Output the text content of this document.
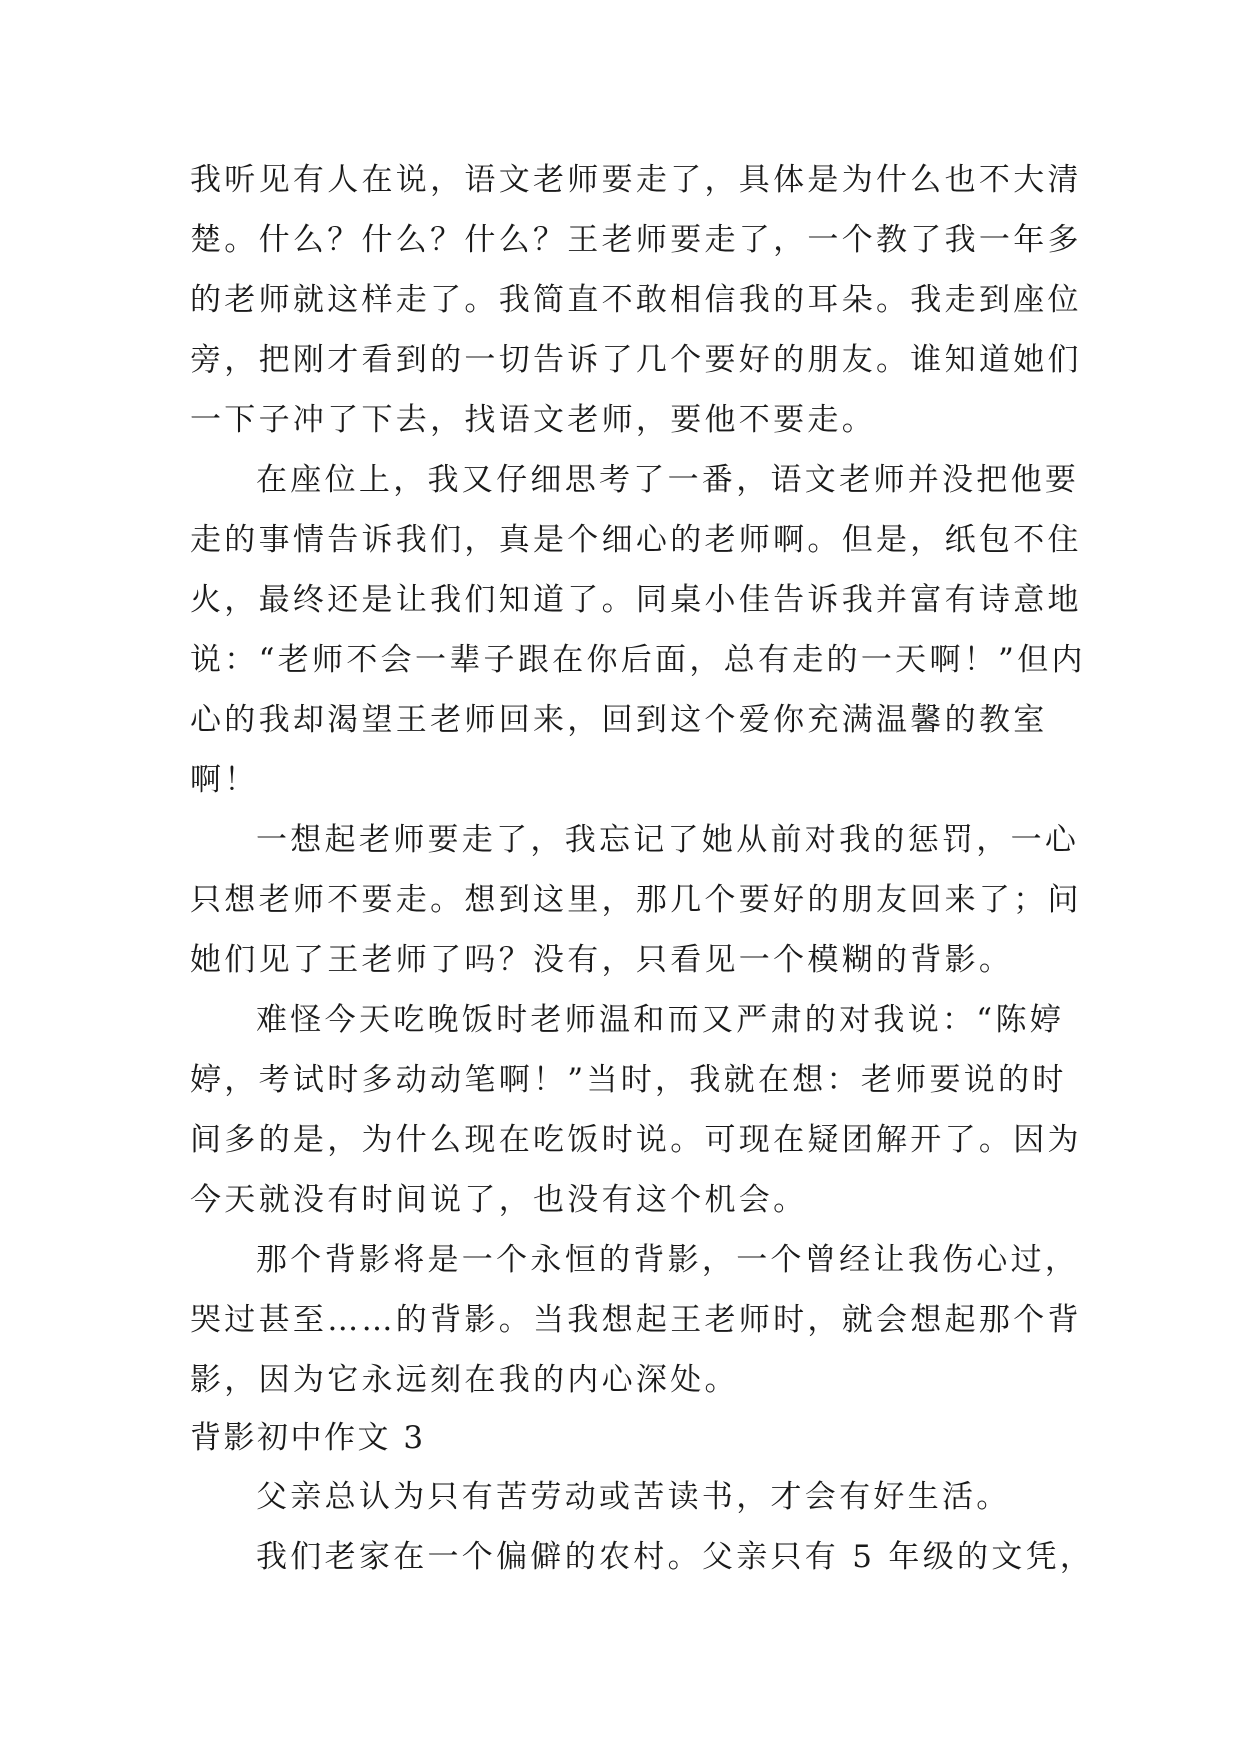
我听见有人在说，语文老师要走了，具体是为什么也不大清
楚。什么？什么？什么？王老师要走了，一个教了我一年多
的老师就这样走了。我简直不敢相信我的耳朵。我走到座位
旁，把刚才看到的一切告诉了几个要好的朋友。谁知道她们
一下子冲了下去，找语文老师，要他不要走。
在座位上，我又仔细思考了一番，语文老师并没把他要
走的事情告诉我们，真是个细心的老师啊。但是，纸包不住
火，最终还是让我们知道了。同桌小佳告诉我并富有诗意地
说：“老师不会一辈子跟在你后面，总有走的一天啊！”但内
心的我却渴望王老师回来，回到这个爱你充满温馨的教室
啊！
一想起老师要走了，我忘记了她从前对我的惩罚，一心
只想老师不要走。想到这里，那几个要好的朋友回来了；问
她们见了王老师了吗？没有，只看见一个模糊的背影。
难怪今天吃晚饭时老师温和而又严肃的对我说：“陈婷
婷，考试时多动动笔啊！”当时，我就在想：老师要说的时
间多的是，为什么现在吃饭时说。可现在疑团解开了。因为
今天就没有时间说了，也没有这个机会。
那个背影将是一个永恒的背影，一个曾经让我伤心过，
哭过甚至……的背影。当我想起王老师时，就会想起那个背
影，因为它永远刻在我的内心深处。
背影初中作文 3
父亲总认为只有苦劳动或苦读书，才会有好生活。
我们老家在一个偏僻的农村。父亲只有 5 年级的文凭，
